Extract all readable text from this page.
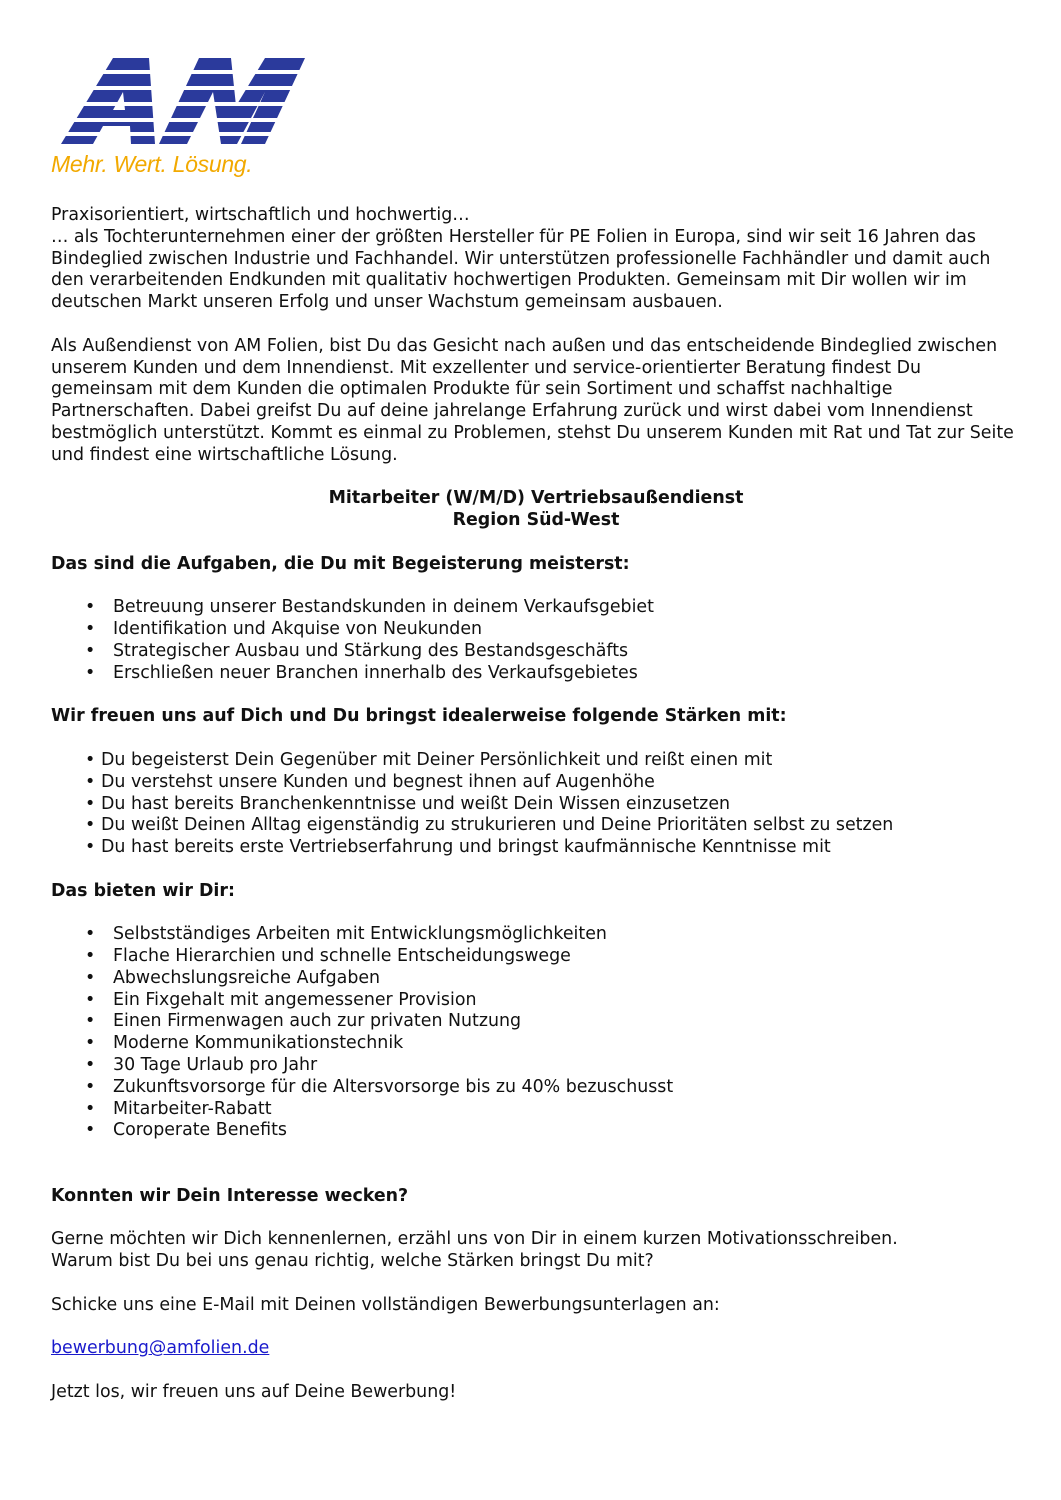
Mehr. Wert. Lösung.

Praxisorientiert, wirtschaftlich und hochwertig…

… als Tochterunternehmen einer der größten Hersteller für PE Folien in Europa, sind wir seit 16 Jahren das Bindeglied zwischen Industrie und Fachhandel. Wir unterstützen professionelle Fachhändler und damit auch den verarbeitenden Endkunden mit qualitativ hochwertigen Produkten. Gemeinsam mit Dir wollen wir im deutschen Markt unseren Erfolg und unser Wachstum gemeinsam ausbauen.

Als Außendienst von AM Folien, bist Du das Gesicht nach außen und das entscheidende Bindeglied zwischen unserem Kunden und dem Innendienst. Mit exzellenter und service-orientierter Beratung findest Du gemeinsam mit dem Kunden die optimalen Produkte für sein Sortiment und schaffst nachhaltige Partnerschaften. Dabei greifst Du auf deine jahrelange Erfahrung zurück und wirst dabei vom Innendienst bestmöglich unterstützt. Kommt es einmal zu Problemen, stehst Du unserem Kunden mit Rat und Tat zur Seite und findest eine wirtschaftliche Lösung.

Mitarbeiter (W/M/D) Vertriebsaußendienst

Region Süd-West

Das sind die Aufgaben, die Du mit Begeisterung meisterst:

• Betreuung unserer Bestandskunden in deinem Verkaufsgebiet
• Identifikation und Akquise von Neukunden
• Strategischer Ausbau und Stärkung des Bestandsgeschäfts
• Erschließen neuer Branchen innerhalb des Verkaufsgebietes

Wir freuen uns auf Dich und Du bringst idealerweise folgende Stärken mit:

• Du begeisterst Dein Gegenüber mit Deiner Persönlichkeit und reißt einen mit
• Du verstehst unsere Kunden und begnest ihnen auf Augenhöhe
• Du hast bereits Branchenkenntnisse und weißt Dein Wissen einzusetzen
• Du weißt Deinen Alltag eigenständig zu strukurieren und Deine Prioritäten selbst zu setzen
• Du hast bereits erste Vertriebserfahrung und bringst kaufmännische Kenntnisse mit

Das bieten wir Dir:

• Selbstständiges Arbeiten mit Entwicklungsmöglichkeiten
• Flache Hierarchien und schnelle Entscheidungswege
• Abwechslungsreiche Aufgaben
• Ein Fixgehalt mit angemessener Provision
• Einen Firmenwagen auch zur privaten Nutzung
• Moderne Kommunikationstechnik
• 30 Tage Urlaub pro Jahr
• Zukunftsvorsorge für die Altersvorsorge bis zu 40% bezuschusst
• Mitarbeiter-Rabatt
• Coroperate Benefits

Konnten wir Dein Interesse wecken?

Gerne möchten wir Dich kennenlernen, erzähl uns von Dir in einem kurzen Motivationsschreiben.

Warum bist Du bei uns genau richtig, welche Stärken bringst Du mit?

Schicke uns eine E-Mail mit Deinen vollständigen Bewerbungsunterlagen an:

bewerbung@amfolien.de

Jetzt los, wir freuen uns auf Deine Bewerbung!
